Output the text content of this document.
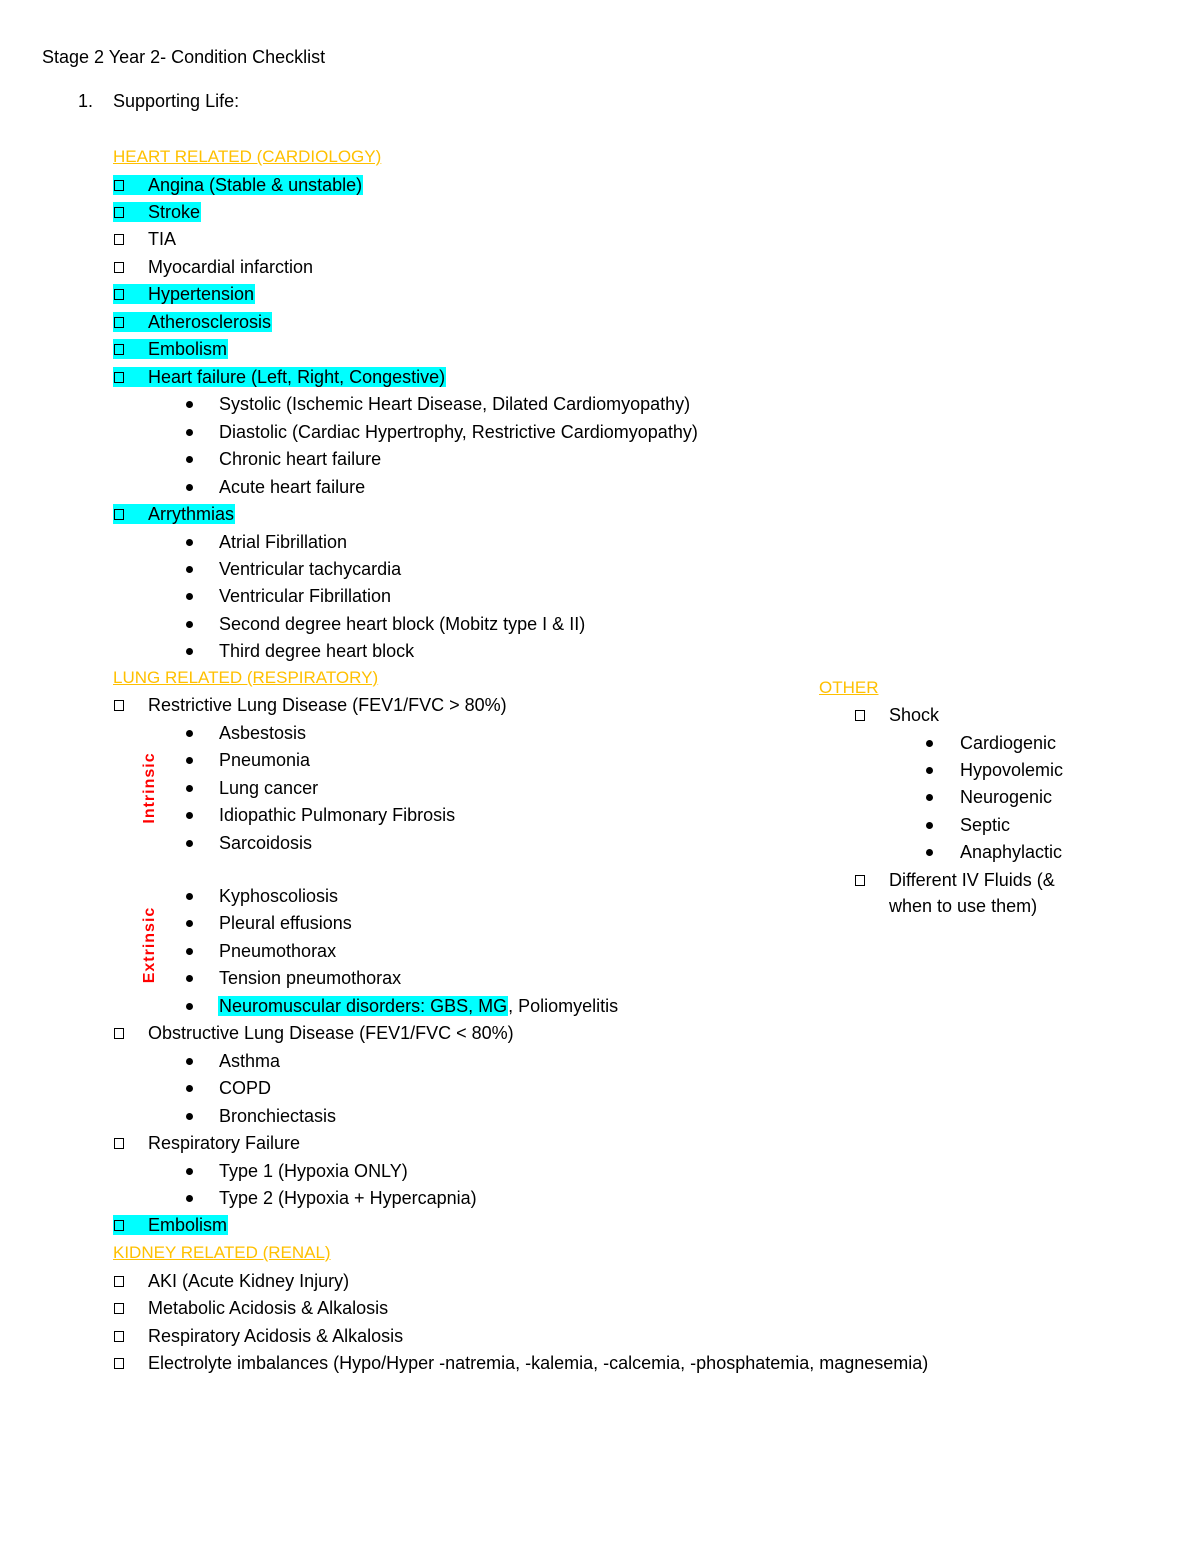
Stage 2 Year 2- Condition Checklist
1. Supporting Life:
HEART RELATED (CARDIOLOGY)
Angina (Stable & unstable)
Stroke
TIA
Myocardial infarction
Hypertension
Atherosclerosis
Embolism
Heart failure (Left, Right, Congestive)
Systolic (Ischemic Heart Disease, Dilated Cardiomyopathy)
Diastolic (Cardiac Hypertrophy, Restrictive Cardiomyopathy)
Chronic heart failure
Acute heart failure
Arrythmias
Atrial Fibrillation
Ventricular tachycardia
Ventricular Fibrillation
Second degree heart block (Mobitz type I & II)
Third degree heart block
LUNG RELATED (RESPIRATORY)
Restrictive Lung Disease (FEV1/FVC > 80%)
Intrinsic
Asbestosis
Pneumonia
Lung cancer
Idiopathic Pulmonary Fibrosis
Sarcoidosis
Extrinsic
Kyphoscoliosis
Pleural effusions
Pneumothorax
Tension pneumothorax
Neuromuscular disorders: GBS, MG, Poliomyelitis
Obstructive Lung Disease (FEV1/FVC < 80%)
Asthma
COPD
Bronchiectasis
Respiratory Failure
Type 1 (Hypoxia ONLY)
Type 2 (Hypoxia + Hypercapnia)
Embolism
KIDNEY RELATED (RENAL)
AKI (Acute Kidney Injury)
Metabolic Acidosis & Alkalosis
Respiratory Acidosis & Alkalosis
Electrolyte imbalances (Hypo/Hyper -natremia, -kalemia, -calcemia, -phosphatemia, magnesemia)
OTHER
Shock
Cardiogenic
Hypovolemic
Neurogenic
Septic
Anaphylactic
Different IV Fluids (&
when to use them)
